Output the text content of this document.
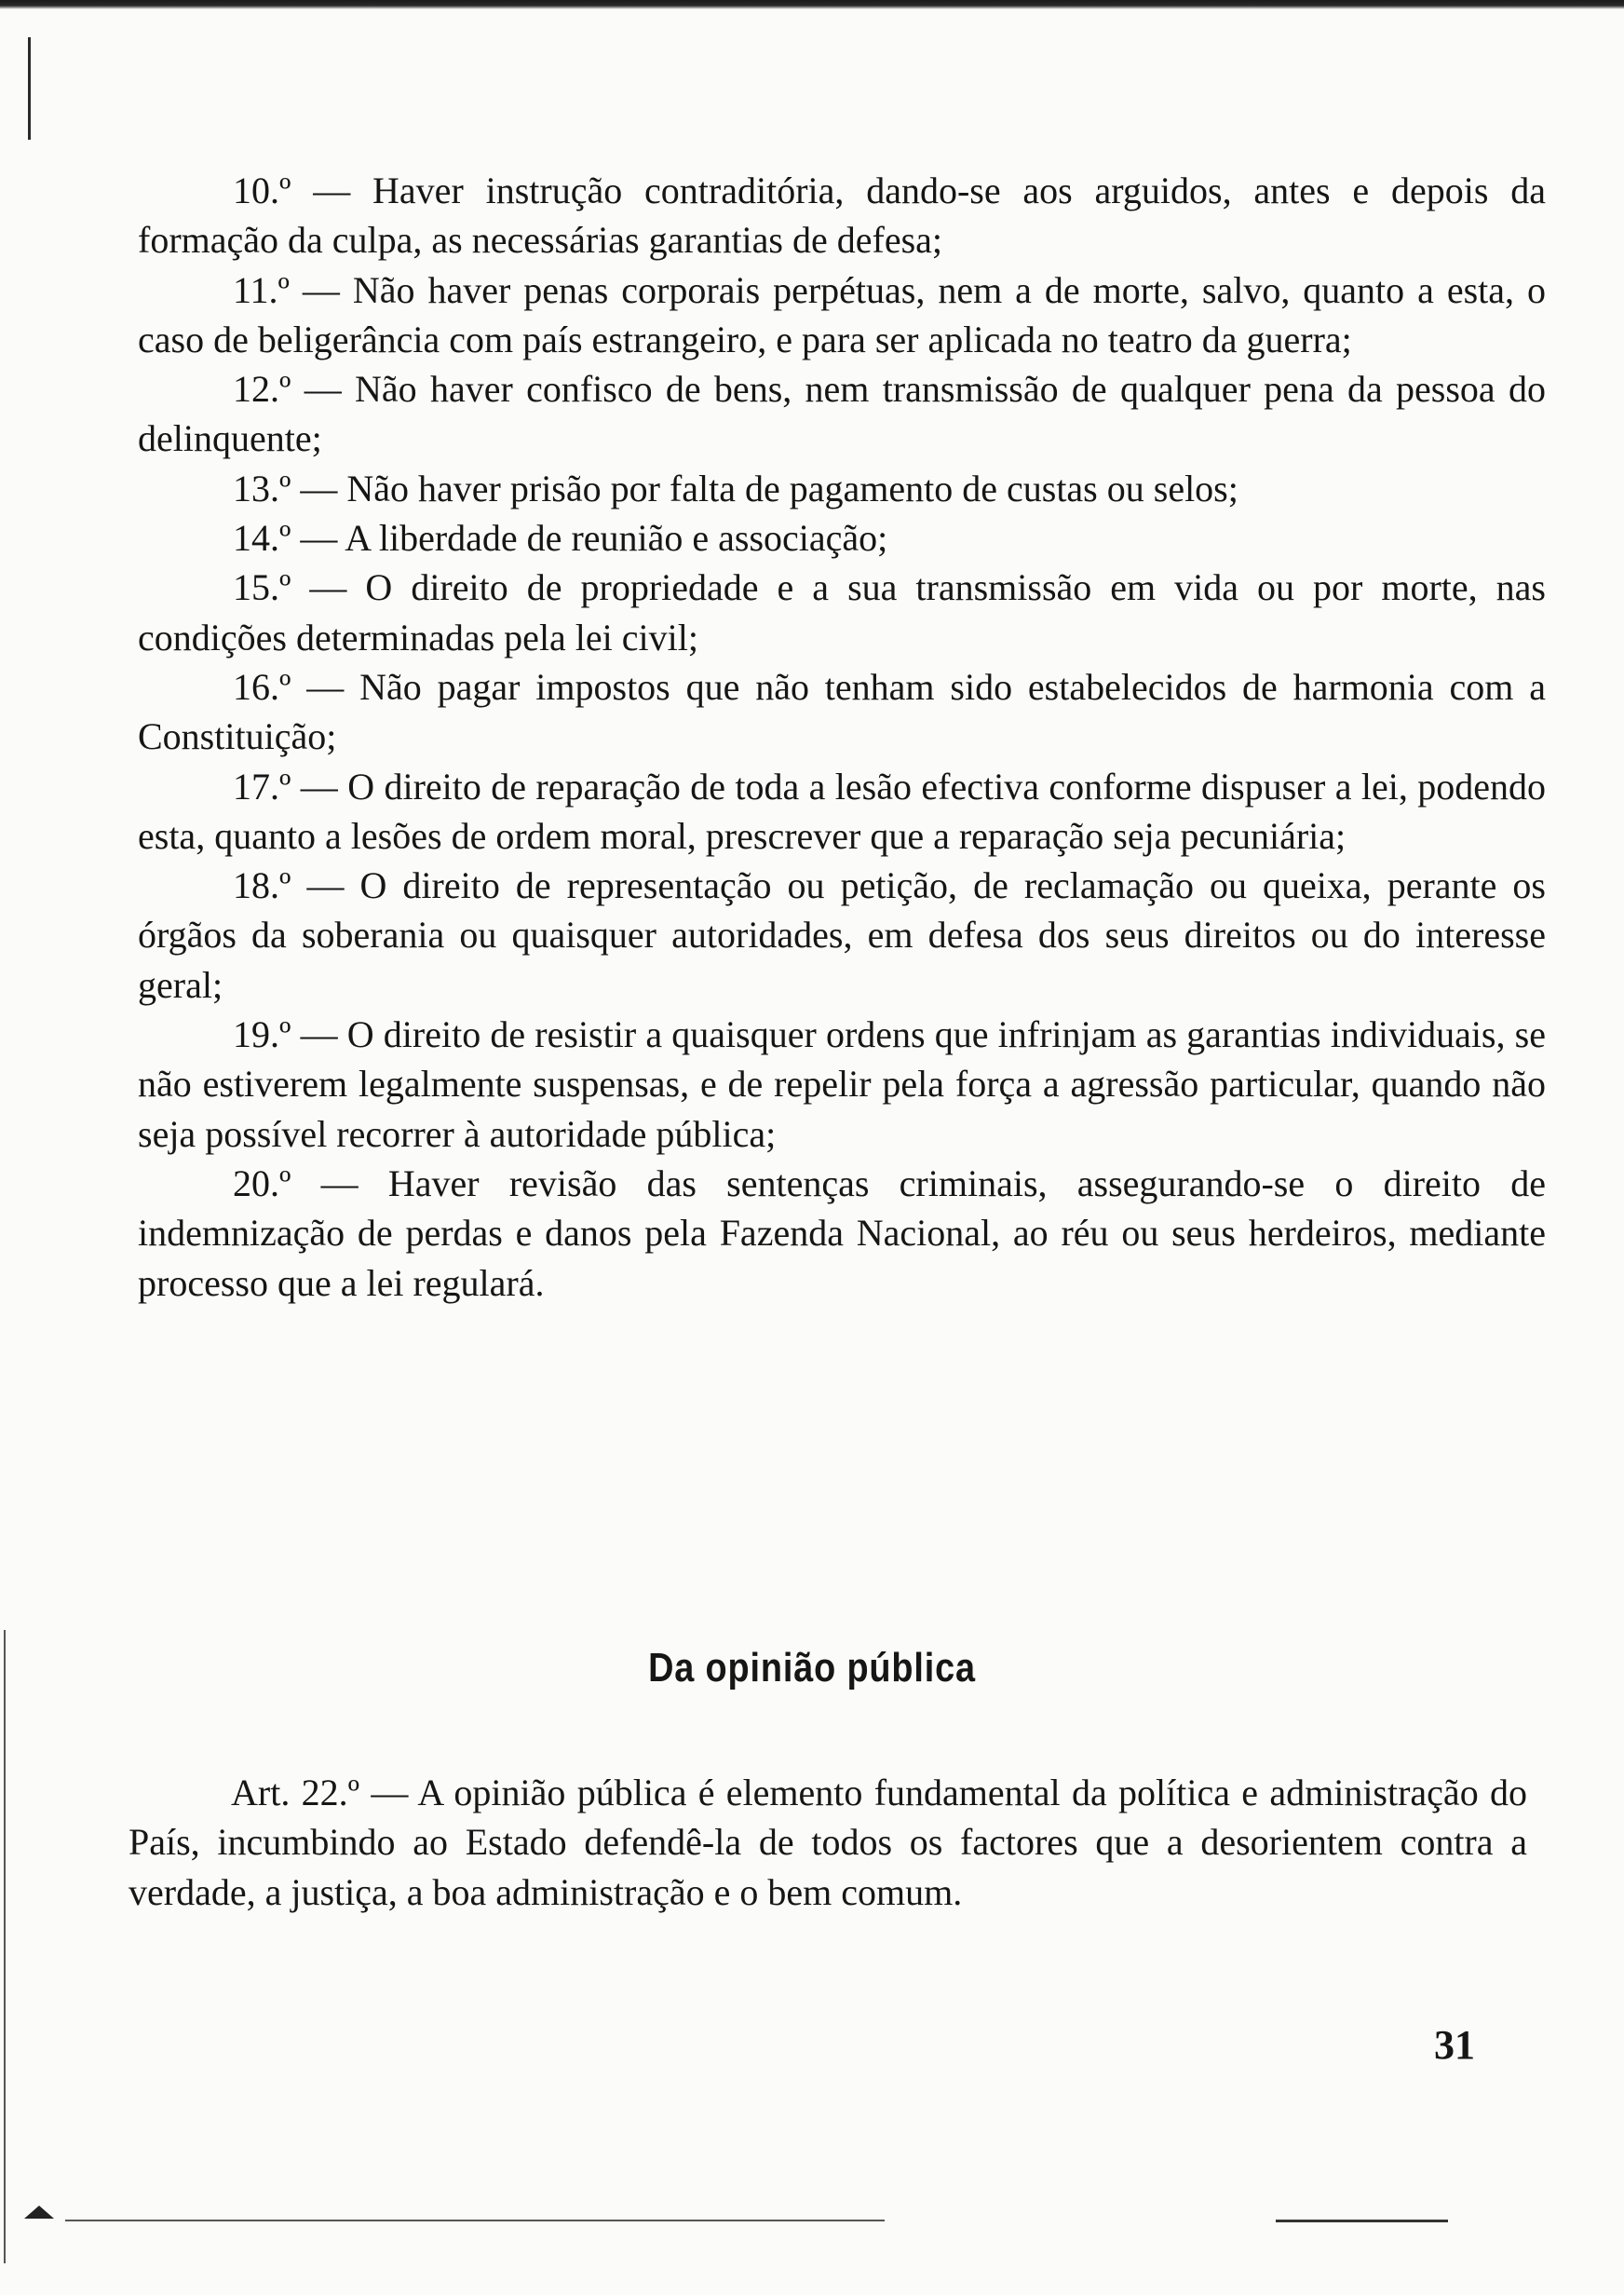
10.º — Haver instrução contraditória, dando-se aos arguidos, antes e depois da formação da culpa, as necessárias garantias de defesa;

11.º — Não haver penas corporais perpétuas, nem a de morte, salvo, quanto a esta, o caso de beligerância com país estrangeiro, e para ser aplicada no teatro da guerra;

12.º — Não haver confisco de bens, nem transmissão de qualquer pena da pessoa do delinquente;

13.º — Não haver prisão por falta de pagamento de custas ou selos;

14.º — A liberdade de reunião e associação;

15.º — O direito de propriedade e a sua transmissão em vida ou por morte, nas condições determinadas pela lei civil;

16.º — Não pagar impostos que não tenham sido estabelecidos de harmonia com a Constituição;

17.º — O direito de reparação de toda a lesão efectiva conforme dispuser a lei, podendo esta, quanto a lesões de ordem moral, prescrever que a reparação seja pecuniária;

18.º — O direito de representação ou petição, de reclamação ou queixa, perante os órgãos da soberania ou quaisquer autoridades, em defesa dos seus direitos ou do interesse geral;

19.º — O direito de resistir a quaisquer ordens que infrinjam as garantias individuais, se não estiverem legalmente suspensas, e de repelir pela força a agressão particular, quando não seja possível recorrer à autoridade pública;

20.º — Haver revisão das sentenças criminais, assegurando-se o direito de indemnização de perdas e danos pela Fazenda Nacional, ao réu ou seus herdeiros, mediante processo que a lei regulará.

Da opinião pública

Art. 22.º — A opinião pública é elemento fundamental da política e administração do País, incumbindo ao Estado defendê-la de todos os factores que a desorientem contra a verdade, a justiça, a boa administração e o bem comum.

31
